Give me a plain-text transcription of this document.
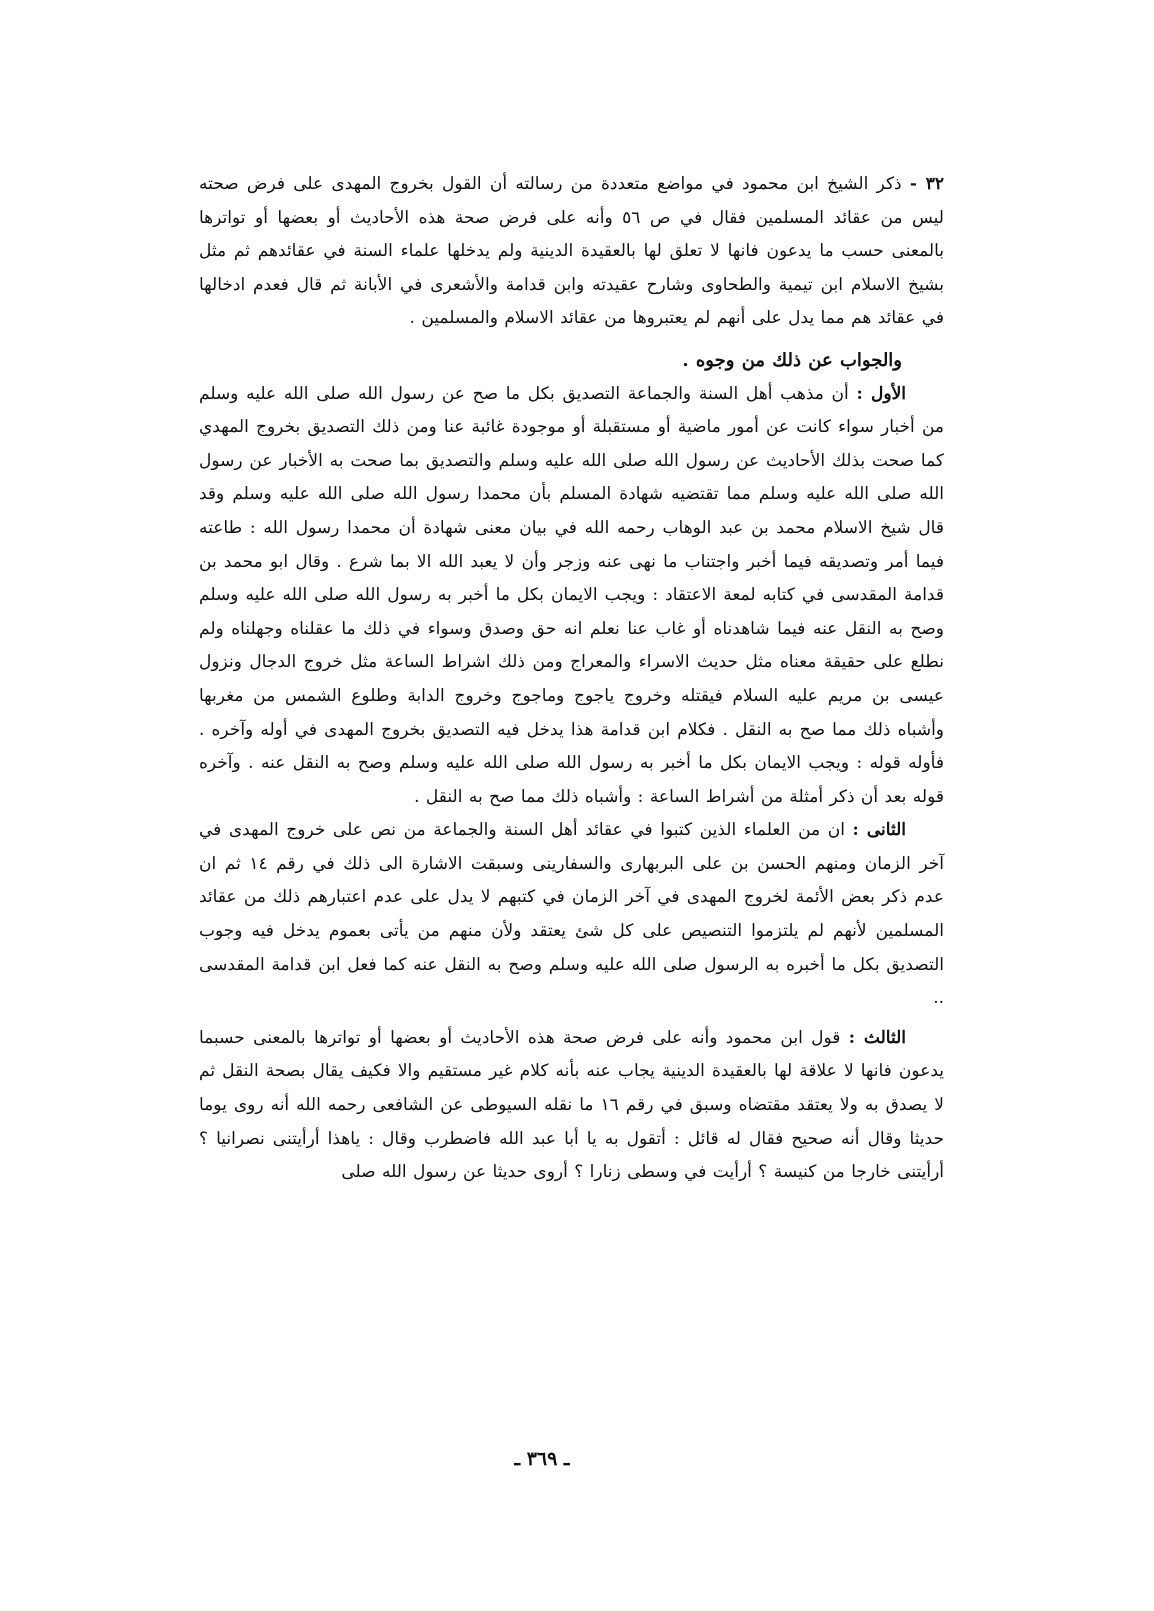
٣٢ - ذكر الشيخ ابن محمود في مواضع متعددة من رسالته أن القول بخروج المهدى على فرض صحته ليس من عقائد المسلمين فقال في ص ٥٦ وأنه على فرض صحة هذه الأحاديث أو بعضها أو تواترها بالمعنى حسب ما يدعون فانها لا تعلق لها بالعقيدة الدينية ولم يدخلها علماء السنة في عقائدهم ثم مثل بشيخ الاسلام ابن تيمية والطحاوى وشارح عقيدته وابن قدامة والأشعرى في الأبانة ثم قال فعدم ادخالها في عقائد هم مما يدل على أنهم لم يعتبروها من عقائد الاسلام والمسلمين .

والجواب عن ذلك من وجوه .

الأول : أن مذهب أهل السنة والجماعة التصديق بكل ما صح عن رسول الله صلى الله عليه وسلم من أخبار سواء كانت عن أمور ماضية أو مستقبلة أو موجودة غائبة عنا ومن ذلك التصديق بخروج المهدي كما صحت بذلك الأحاديث عن رسول الله صلى الله عليه وسلم والتصديق بما صحت به الأخبار عن رسول الله صلى الله عليه وسلم مما تقتضيه شهادة المسلم بأن محمدا رسول الله صلى الله عليه وسلم وقد قال شيخ الاسلام محمد بن عبد الوهاب رحمه الله في بيان معنى شهادة أن محمدا رسول الله : طاعته فيما أمر وتصديقه فيما أخبر واجتناب ما نهى عنه وزجر وأن لا يعبد الله الا بما شرع . وقال ابو محمد بن قدامة المقدسى في كتابه لمعة الاعتقاد : ويجب الايمان بكل ما أخبر به رسول الله صلى الله عليه وسلم وصح به النقل عنه فيما شاهدناه أو غاب عنا نعلم انه حق وصدق وسواء في ذلك ما عقلناه وجهلناه ولم نطلع على حقيقة معناه مثل حديث الاسراء والمعراج ومن ذلك اشراط الساعة مثل خروج الدجال ونزول عيسى بن مريم عليه السلام فيقتله وخروج ياجوج وماجوج وخروج الدابة وطلوع الشمس من مغربها وأشباه ذلك مما صح به النقل . فكلام ابن قدامة هذا يدخل فيه التصديق بخروج المهدى في أوله وآخره . فأوله قوله : ويجب الايمان بكل ما أخبر به رسول الله صلى الله عليه وسلم وصح به النقل عنه . وآخره قوله بعد أن ذكر أمثلة من أشراط الساعة : وأشباه ذلك مما صح به النقل .

الثانى : ان من العلماء الذين كتبوا في عقائد أهل السنة والجماعة من نص على خروج المهدى في آخر الزمان ومنهم الحسن بن على البربهارى والسفارينى وسبقت الاشارة الى ذلك في رقم ١٤ ثم ان عدم ذكر بعض الأئمة لخروج المهدى في آخر الزمان في كتبهم لا يدل على عدم اعتبارهم ذلك من عقائد المسلمين لأنهم لم يلتزموا التنصيص على كل شئ يعتقد ولأن منهم من يأتى بعموم يدخل فيه وجوب التصديق بكل ما أخبره به الرسول صلى الله عليه وسلم وصح به النقل عنه كما فعل ابن قدامة المقدسى ..

الثالث : قول ابن محمود وأنه على فرض صحة هذه الأحاديث أو بعضها أو تواترها بالمعنى حسبما يدعون فانها لا علاقة لها بالعقيدة الدينية يجاب عنه بأنه كلام غير مستقيم والا فكيف يقال بصحة النقل ثم لا يصدق به ولا يعتقد مقتضاه وسبق في رقم ١٦ ما نقله السيوطى عن الشافعى رحمه الله أنه روى يوما حديثا وقال أنه صحيح فقال له قائل : أتقول به يا أبا عبد الله فاضطرب وقال : ياهذا أرأيتنى نصرانيا ؟ أرأيتنى خارجا من كنيسة ؟ أرأيت في وسطى زنارا ؟ أروى حديثا عن رسول الله صلى

ـ ٣٦٩ ـ
